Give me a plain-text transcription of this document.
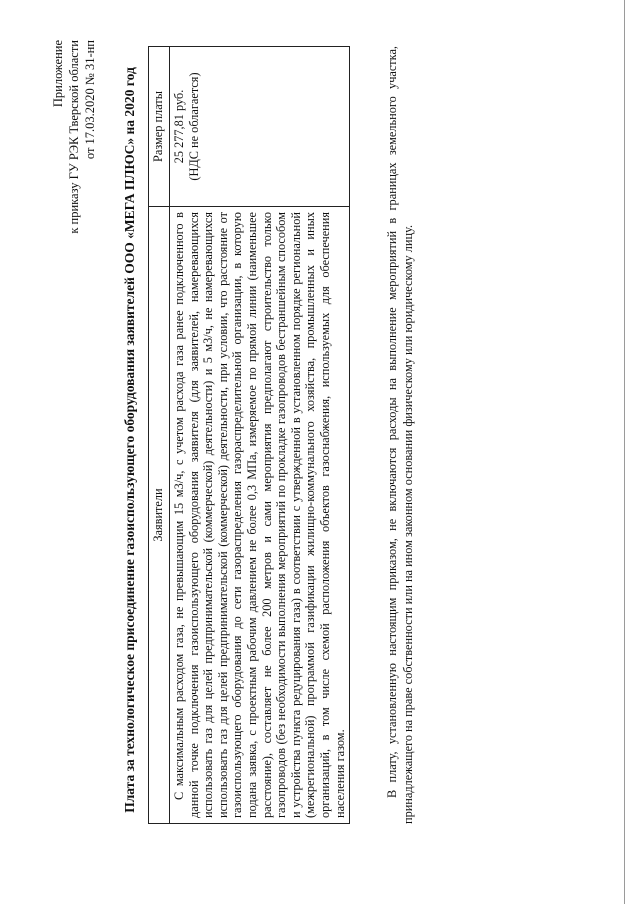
Приложение к приказу ГУ РЭК Тверской области от 17.03.2020 № 31-нп Плата за технологическое присоединение газоиспользующего оборудования заявителей ООО «МЕГА ПЛЮС» на 2020 год Заявители	Размер платы
С максимальным расходом газа, не превышающим 15 м3/ч, с учетом расхода газа ранее подключенного в данной точке подключения газоиспользующего оборудования заявителя (для заявителей, намеревающихся использовать газ для целей предпринимательской (коммерческой) деятельности) и 5 м3/ч, не намеревающихся использовать газ для целей предпринимательской (коммерческой) деятельности, при условии, что расстояние от газоиспользующего оборудования до сети газораспределения газораспределительной организации, в которую подана заявка, с проектным рабочим давлением не более 0,3 МПа, измеряемое по прямой линии (наименьшее расстояние), составляет не более 200 метров и сами мероприятия предполагают строительство только газопроводов (без необходимости выполнения мероприятий по прокладке газопроводов бестраншейным способом и устройства пункта редуцирования газа) в соответствии с утвержденной в установленном порядке региональной (межрегиональной) программой газификации жилищно-коммунального хозяйства, промышленных и иных организаций, в том числе схемой расположения объектов газоснабжения, используемых для обеспечения населения газом.	25 277,81 руб. (НДС не облагается)	В плату, установленную настоящим приказом, не включаются расходы на выполнение мероприятий в границах земельного участка, принадлежащего на праве собственности или на ином законном основании физическому или юридическому лицу.
